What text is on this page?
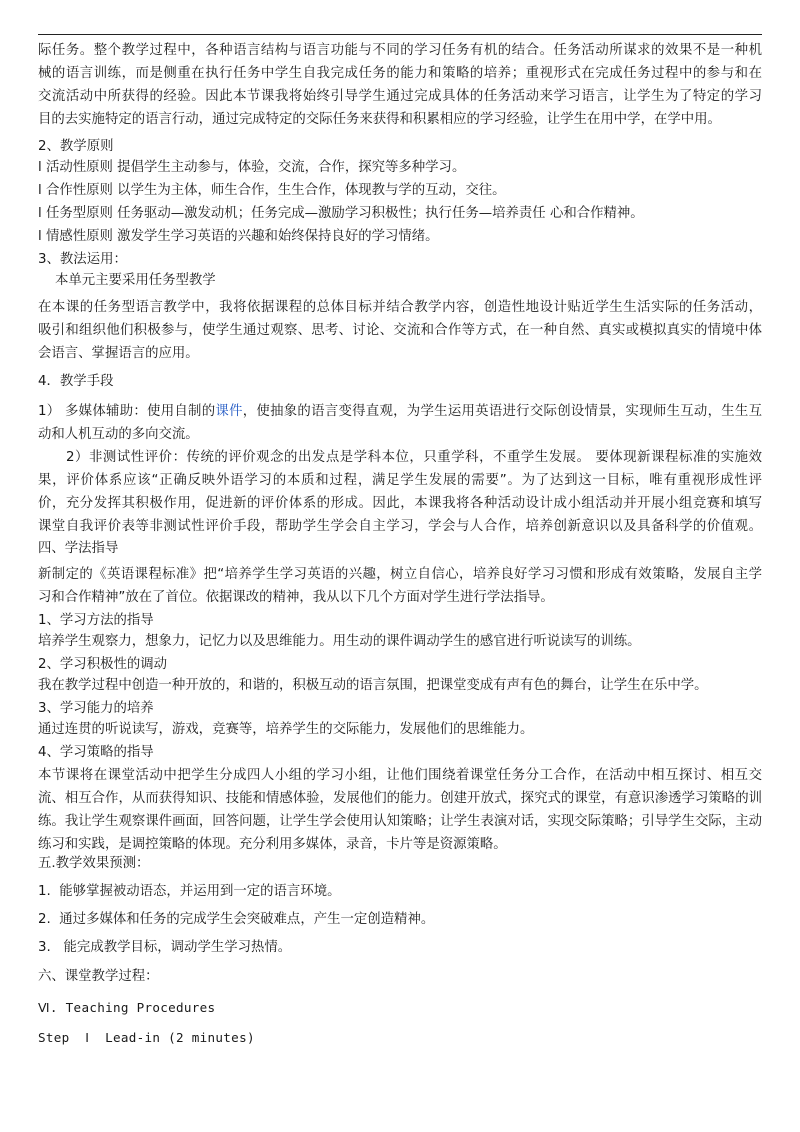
际任务。整个教学过程中，各种语言结构与语言功能与不同的学习任务有机的结合。任务活动所谋求的效果不是一种机
械的语言训练，而是侧重在执行任务中学生自我完成任务的能力和策略的培养；重视形式在完成任务过程中的参与和在
交流活动中所获得的经验。因此本节课我将始终引导学生通过完成具体的任务活动来学习语言，让学生为了特定的学习
目的去实施特定的语言行动，通过完成特定的交际任务来获得和积累相应的学习经验，让学生在用中学，在学中用。
2、教学原则
l 活动性原则 提倡学生主动参与，体验，交流，合作，探究等多种学习。
l 合作性原则 以学生为主体，师生合作，生生合作，体现教与学的互动，交往。
l 任务型原则 任务驱动—激发动机；任务完成—激励学习积极性；执行任务—培养责任 心和合作精神。
l 情感性原则 激发学生学习英语的兴趣和始终保持良好的学习情绪。
3、教法运用：
本单元主要采用任务型教学
在本课的任务型语言教学中，我将依据课程的总体目标并结合教学内容，创造性地设计贴近学生生活实际的任务活动，
吸引和组织他们积极参与，使学生通过观察、思考、讨论、交流和合作等方式，在一种自然、真实或模拟真实的情境中体
会语言、掌握语言的应用。
4．教学手段
1） 多媒体辅助：使用自制的课件，使抽象的语言变得直观，为学生运用英语进行交际创设情景，实现师生互动，生生互
动和人机互动的多向交流。
2）非测试性评价：传统的评价观念的出发点是学科本位，只重学科，不重学生发展。 要体现新课程标准的实施效
果，评价体系应该“正确反映外语学习的本质和过程，满足学生发展的需要”。为了达到这一目标，唯有重视形成性评
价，充分发挥其积极作用，促进新的评价体系的形成。因此，本课我将各种活动设计成小组活动并开展小组竞赛和填写
课堂自我评价表等非测试性评价手段，帮助学生学会自主学习，学会与人合作，培养创新意识以及具备科学的价值观。
四、学法指导
新制定的《英语课程标准》把“培养学生学习英语的兴趣，树立自信心，培养良好学习习惯和形成有效策略，发展自主学
习和合作精神”放在了首位。依据课改的精神，我从以下几个方面对学生进行学法指导。
1、学习方法的指导
培养学生观察力，想象力，记忆力以及思维能力。用生动的课件调动学生的感官进行听说读写的训练。
2、学习积极性的调动
我在教学过程中创造一种开放的，和谐的，积极互动的语言氛围，把课堂变成有声有色的舞台，让学生在乐中学。
3、学习能力的培养
通过连贯的听说读写，游戏，竞赛等，培养学生的交际能力，发展他们的思维能力。
4、学习策略的指导
本节课将在课堂活动中把学生分成四人小组的学习小组，让他们围绕着课堂任务分工合作，在活动中相互探讨、相互交
流、相互合作，从而获得知识、技能和情感体验，发展他们的能力。创建开放式，探究式的课堂，有意识渗透学习策略的训
练。我让学生观察课件画面，回答问题，让学生学会使用认知策略；让学生表演对话，实现交际策略；引导学生交际，主动
练习和实践，是调控策略的体现。充分利用多媒体，录音，卡片等是资源策略。
五.教学效果预测：
1.  能够掌握被动语态，并运用到一定的语言环境。
2.  通过多媒体和任务的完成学生会突破难点，产生一定创造精神。
3.   能完成教学目标，调动学生学习热情。
六、课堂教学过程：
Ⅵ. Teaching Procedures
Step  Ⅰ  Lead-in (2 minutes)
